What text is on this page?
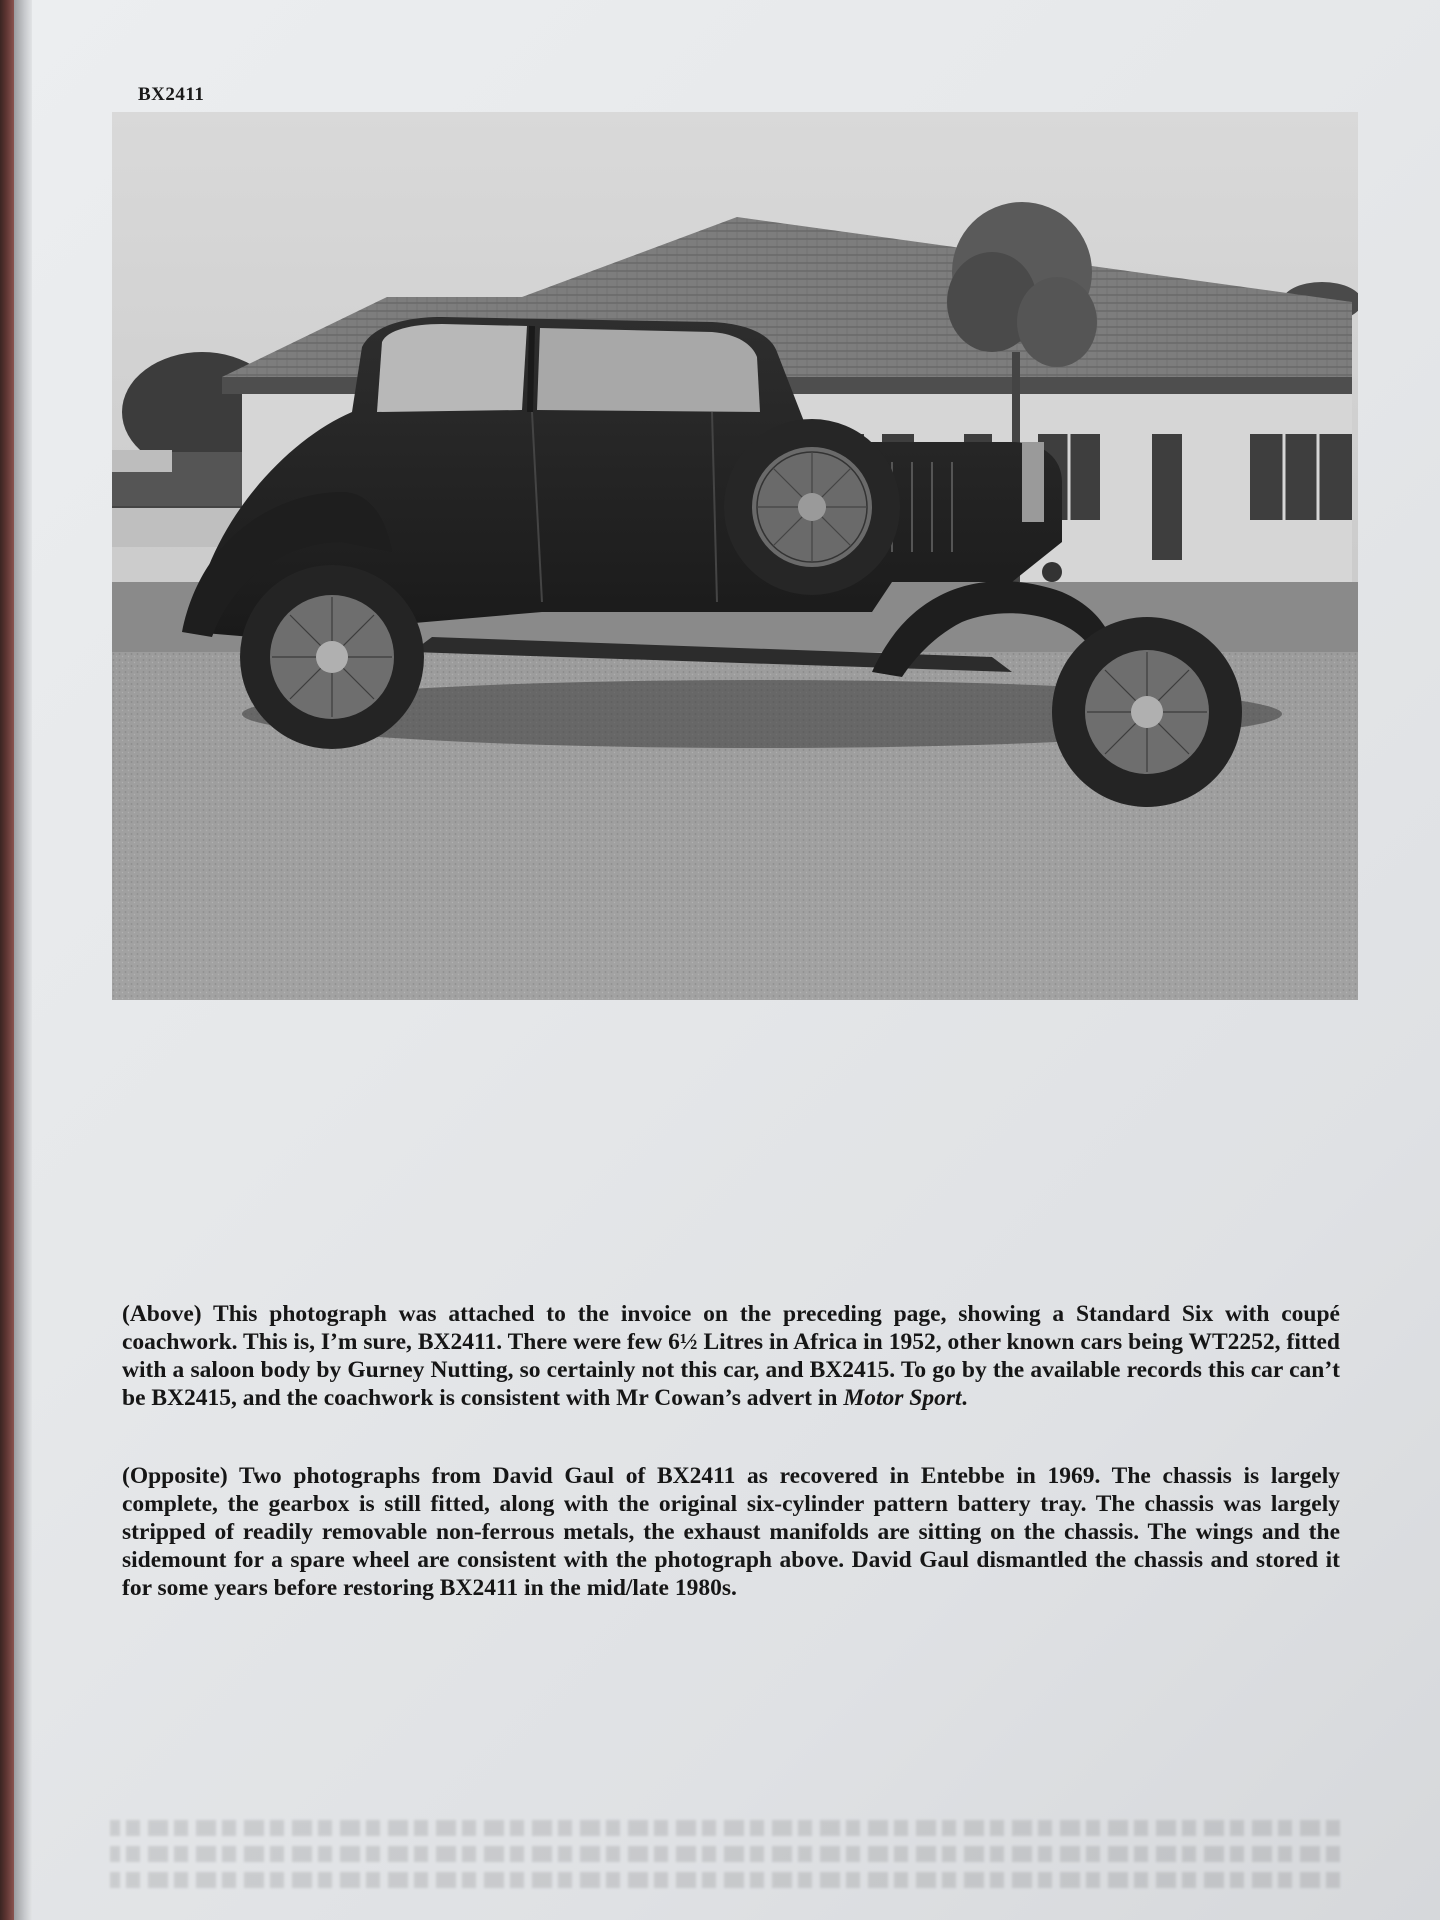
BX2411
(Above) This photograph was attached to the invoice on the preceding page, showing a Standard Six with coupé coachwork. This is, I’m sure, BX2411. There were few 6½ Litres in Africa in 1952, other known cars being WT2252, fitted with a saloon body by Gurney Nutting, so certainly not this car, and BX2415. To go by the available records this car can’t be BX2415, and the coachwork is consistent with Mr Cowan’s advert in Motor Sport.
(Opposite) Two photographs from David Gaul of BX2411 as recovered in Entebbe in 1969. The chassis is largely complete, the gearbox is still fitted, along with the original six-cylinder pattern battery tray. The chassis was largely stripped of readily removable non-ferrous metals, the exhaust manifolds are sitting on the chassis. The wings and the sidemount for a spare wheel are consistent with the photograph above. David Gaul dismantled the chassis and stored it for some years before restoring BX2411 in the mid/late 1980s.
